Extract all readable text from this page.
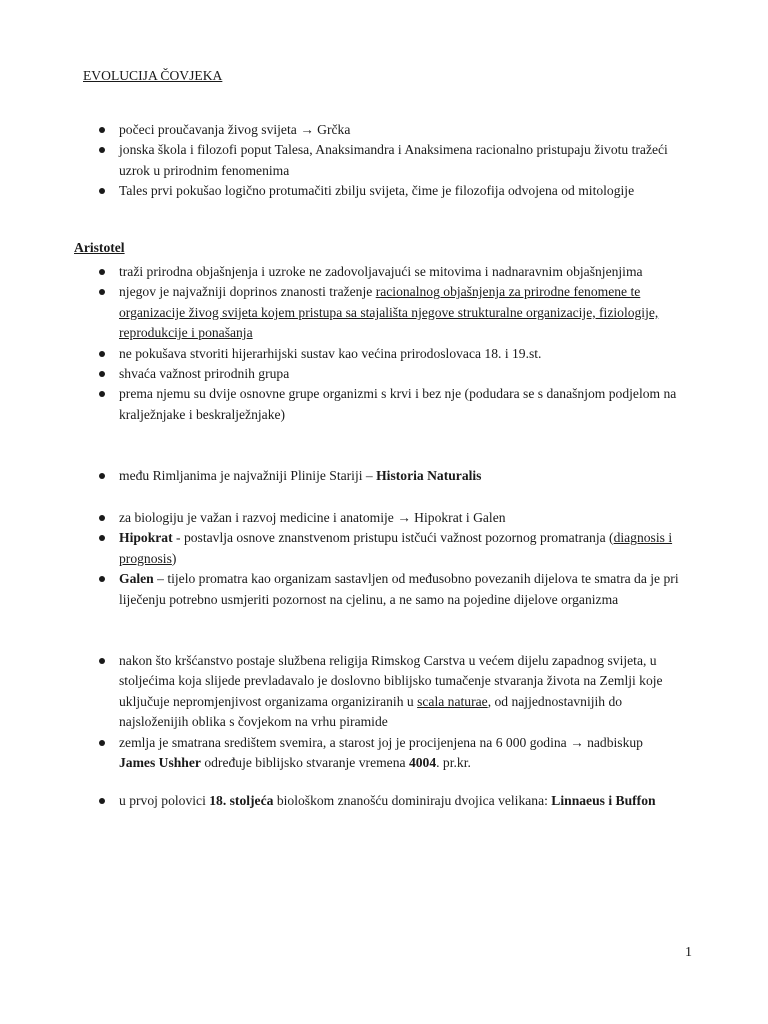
EVOLUCIJA ČOVJEKA
počeci proučavanja živog svijeta → Grčka
jonska škola i filozofi poput Talesa, Anaksimandra i Anaksimena racionalno pristupaju životu tražeći uzrok u prirodnim fenomenima
Tales prvi pokušao logično protumačiti zbilju svijeta, čime je filozofija odvojena od mitologije
Aristotel
traži prirodna objašnjenja i uzroke ne zadovoljavajući se mitovima i nadnaravnim objašnjenjima
njegov je najvažniji doprinos znanosti traženje racionalnog objašnjenja za prirodne fenomene te organizacije živog svijeta kojem pristupa sa stajališta njegove strukturalne organizacije, fiziologije, reprodukcije i ponašanja
ne pokušava stvoriti hijerarhijski sustav kao većina prirodoslovaca 18. i 19.st.
shvaća važnost prirodnih grupa
prema njemu su dvije osnovne grupe organizmi s krvi i bez nje (podudara se s današnjom podjelom na kralježnjake i beskralježnjake)
među Rimljanima je najvažniji Plinije Stariji – Historia Naturalis
za biologiju je važan i razvoj medicine i anatomije → Hipokrat i Galen
Hipokrat - postavlja osnove znanstvenom pristupu istčući važnost pozornog promatranja (diagnosis i prognosis)
Galen – tijelo promatra kao organizam sastavljen od međusobno povezanih dijelova te smatra da je pri liječenju potrebno usmjeriti pozornost na cjelinu, a ne samo na pojedine dijelove organizma
nakon što kršćanstvo postaje službena religija Rimskog Carstva u većem dijelu zapadnog svijeta, u stoljećima koja slijede prevladavalo je doslovno biblijsko tumačenje stvaranja života na Zemlji koje uključuje nepromjenjivost organizama organiziranih u scala naturae, od najjednostavnijih do najsloženijih oblika s čovjekom na vrhu piramide
zemlja je smatrana središtem svemira, a starost joj je procijenjena na 6 000 godina → nadbiskup James Ushher određuje biblijsko stvaranje vremena 4004. pr.kr.
u prvoj polovici 18. stoljeća biološkom znanošću dominiraju dvojica velikana: Linnaeus i Buffon
1
